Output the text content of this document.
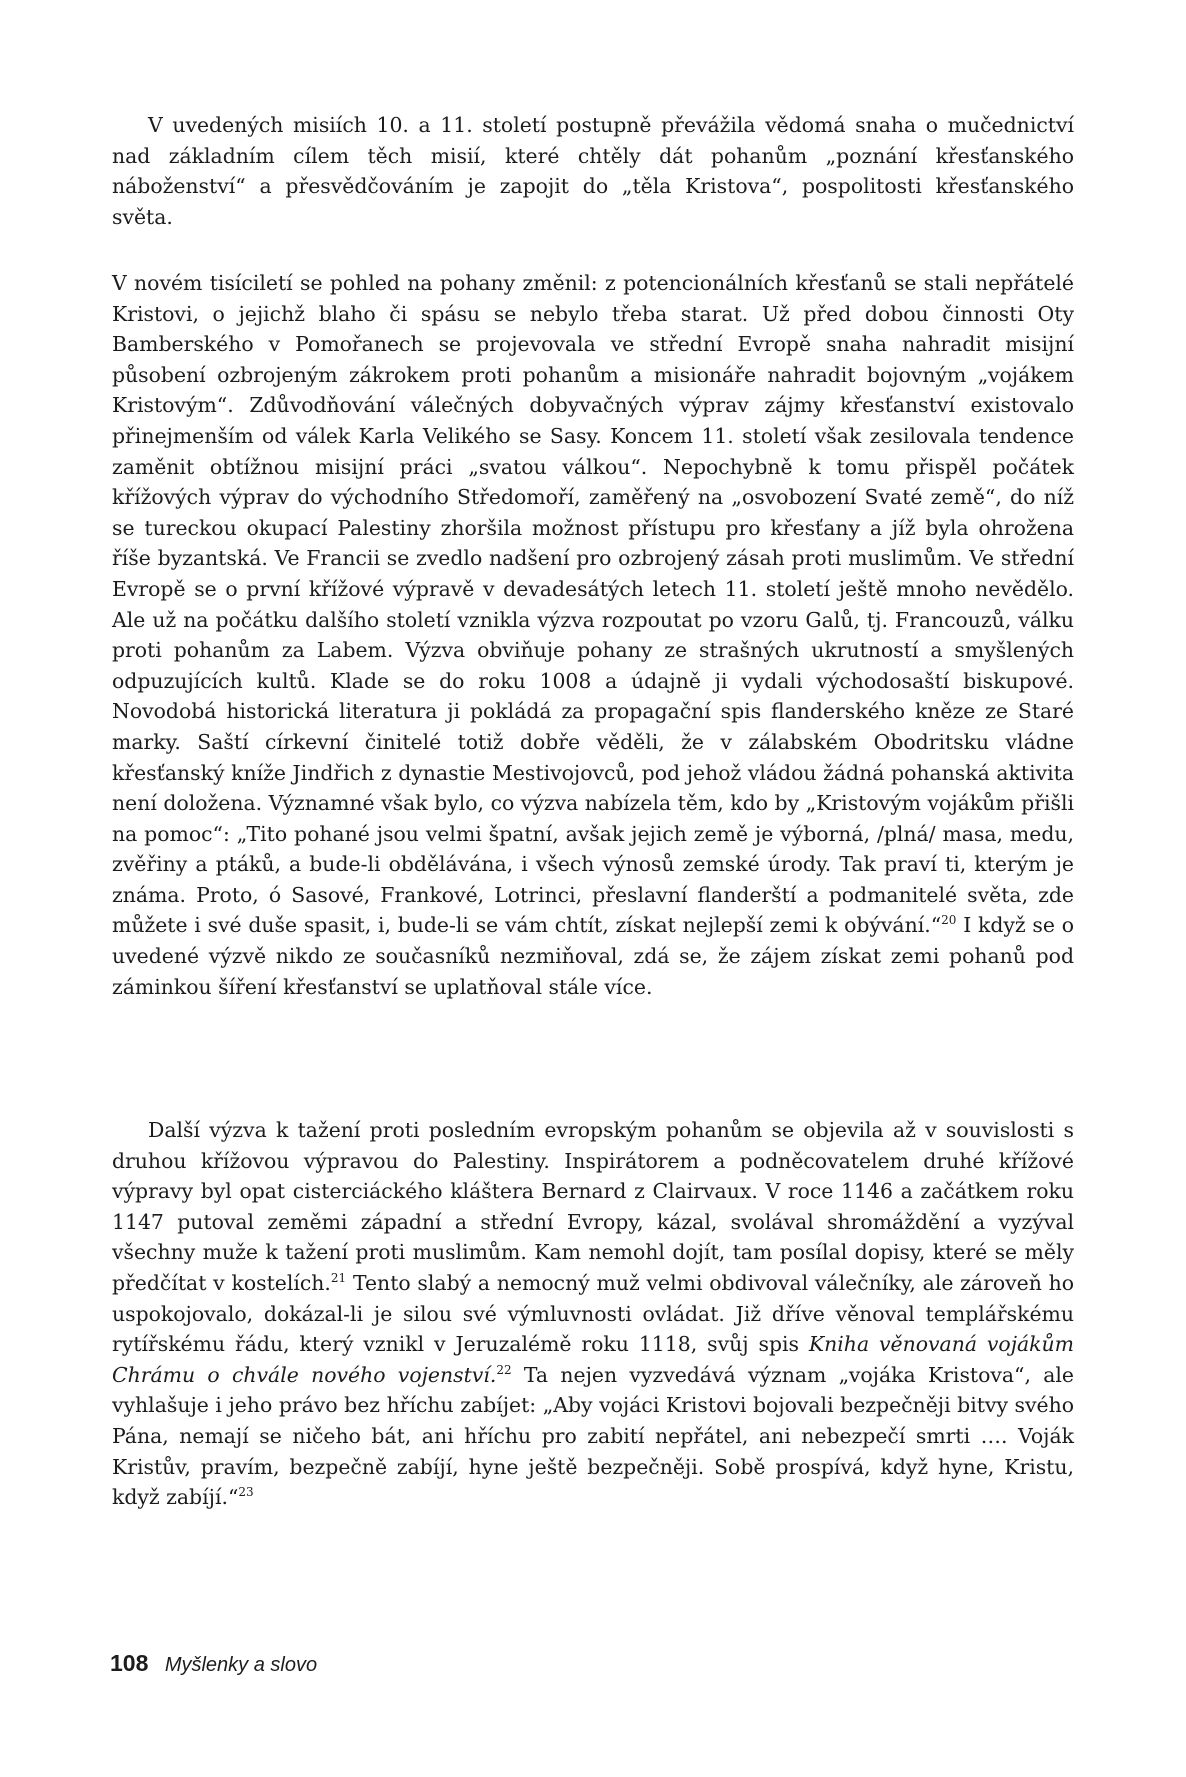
V uvedených misiích 10. a 11. století postupně převážila vědomá snaha o mučednictví nad základním cílem těch misií, které chtěly dát pohanům „poznání křesťanského náboženství“ a přesvědčováním je zapojit do „těla Kristova“, pospolitosti křesťanského světa.

V novém tisíciletí se pohled na pohany změnil: z potencionálních křesťanů se stali nepřátelé Kristovi, o jejichž blaho či spásu se nebylo třeba starat. Už před dobou činnosti Oty Bamberského v Pomořanech se projevovala ve střední Evropě snaha nahradit misijní působení ozbrojeným zákrokem proti pohanům a misionáře nahradit bojovným „vojákem Kristovým“. Zdůvodňování válečných dobyvačných výprav zájmy křesťanství existovalo přinejmenším od válek Karla Velikého se Sasy. Koncem 11. století však zesilovala tendence zaměnit obtížnou misijní práci „svatou válkou“. Nepochybně k tomu přispěl počátek křížových výprav do východního Středomoří, zaměřený na „osvobození Svaté země“, do níž se tureckou okupací Palestiny zhoršila možnost přístupu pro křesťany a jíž byla ohrožena říše byzantská. Ve Francii se zvedlo nadšení pro ozbrojený zásah proti muslimům. Ve střední Evropě se o první křížové výpravě v devadesátých letech 11. století ještě mnoho nevědělo. Ale už na počátku dalšího století vznikla výzva rozpoutat po vzoru Galů, tj. Francouzů, válku proti pohanům za Labem. Výzva obviňuje pohany ze strašných ukrutností a smyšlených odpuzujících kultů. Klade se do roku 1008 a údajně ji vydali východosaští biskupové. Novodobá historická literatura ji pokládá za propagační spis flanderského kněze ze Staré marky. Saští církevní činitelé totiž dobře věděli, že v zálabském Obodritsku vládne křesťanský kníže Jindřich z dynastie Mestivojovců, pod jehož vládou žádná pohanská aktivita není doložena. Významné však bylo, co výzva nabízela těm, kdo by „Kristovým vojákům přišli na pomoc“: „Tito pohané jsou velmi špatní, avšak jejich země je výborná, /plná/ masa, medu, zvěřiny a ptáků, a bude-li obdělávána, i všech výnosů zemské úrody. Tak praví ti, kterým je známa. Proto, ó Sasové, Frankové, Lotrinci, přeslavní flanderští a podmanitelé světa, zde můžete i své duše spasit, i, bude-li se vám chtít, získat nejlepší zemi k obývání.“$^{20}$ I když se o uvedené výzvě nikdo ze současníků nezmiňoval, zdá se, že zájem získat zemi pohanů pod záminkou šíření křesťanství se uplatňoval stále více.

Další výzva k tažení proti posledním evropským pohanům se objevila až v souvislosti s druhou křížovou výpravou do Palestiny. Inspirátorem a podněcovatelem druhé křížové výpravy byl opat cisterciáckého kláštera Bernard z Clairvaux. V roce 1146 a začátkem roku 1147 putoval zeměmi západní a střední Evropy, kázal, svolával shromáždění a vyzýval všechny muže k tažení proti muslimům. Kam nemohl dojít, tam posílal dopisy, které se měly předčítat v kostelích.$^{21}$ Tento slabý a nemocný muž velmi obdivoval válečníky, ale zároveň ho uspokojovalo, dokázal-li je silou své výmluvnosti ovládat. Již dříve věnoval templářskému rytířskému řádu, který vznikl v Jeruzalémě roku 1118, svůj spis Kniha věnovaná vojákům Chrámu o chvále nového vojenství.$^{22}$ Ta nejen vyzvedává význam „vojáka Kristova“, ale vyhlašuje i jeho právo bez hříchu zabíjet: „Aby vojáci Kristovi bojovali bezpečněji bitvy svého Pána, nemají se ničeho bát, ani hříchu pro zabití nepřátel, ani nebezpečí smrti …. Voják Kristův, pravím, bezpečně zabíjí, hyne ještě bezpečněji. Sobě prospívá, když hyne, Kristu, když zabíjí.“$^{23}$

108 Myšlenky a slovo
